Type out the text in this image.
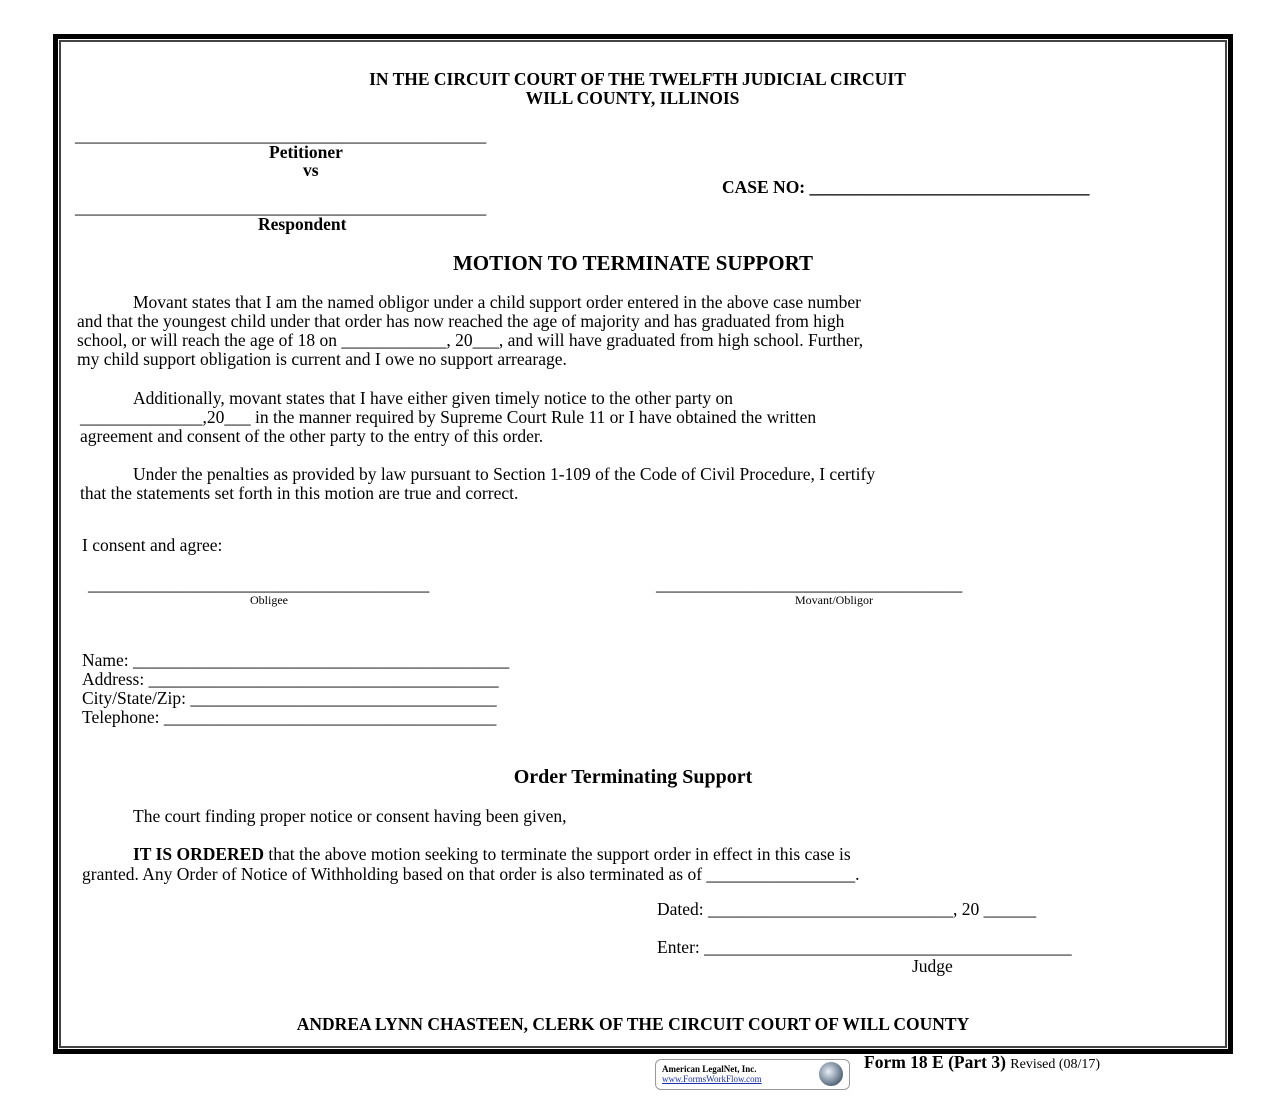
IN THE CIRCUIT COURT OF THE TWELFTH JUDICIAL CIRCUIT
WILL COUNTY, ILLINOIS
_______________________________________________
Petitioner
vs
CASE NO: ________________________________
_______________________________________________
Respondent
MOTION TO TERMINATE SUPPORT
Movant states that I am the named obligor under a child support order entered in the above case number
and that the youngest child under that order has now reached the age of majority and has graduated from high
school, or will reach the age of 18 on ____________, 20___, and will have graduated from high school. Further,
my child support obligation is current and I owe no support arrearage.
Additionally, movant states that I have either given timely notice to the other party on
______________,20___ in the manner required by Supreme Court Rule 11 or I have obtained the written
agreement and consent of the other party to the entry of this order.
Under the penalties as provided by law pursuant to Section 1-109 of the Code of Civil Procedure, I certify
that the statements set forth in this motion are true and correct.
I consent and agree:
_______________________________________
Obligee
___________________________________
Movant/Obligor
Name: ___________________________________________
Address: ________________________________________
City/State/Zip: ___________________________________
Telephone: ______________________________________
Order Terminating Support
The court finding proper notice or consent having been given,
IT IS ORDERED that the above motion seeking to terminate the support order in effect in this case is
granted. Any Order of Notice of Withholding based on that order is also terminated as of _________________.
Dated: ____________________________, 20 ______
Enter: __________________________________________
Judge
ANDREA LYNN CHASTEEN, CLERK OF THE CIRCUIT COURT OF WILL COUNTY
American LegalNet, Inc.
www.FormsWorkFlow.com
Form 18 E (Part 3) Revised (08/17)
